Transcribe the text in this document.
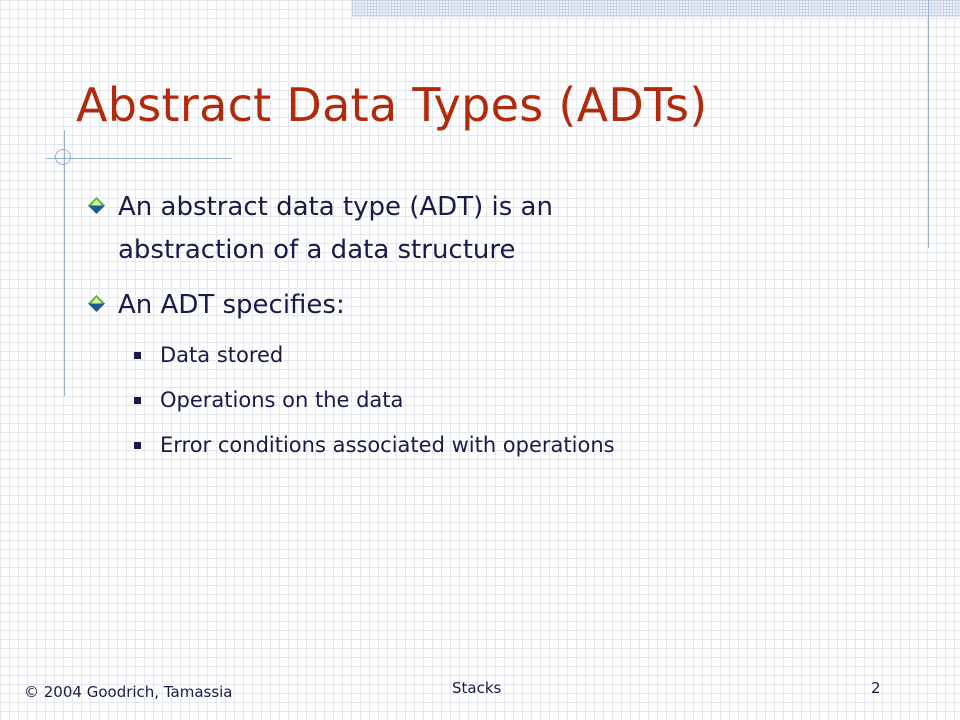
Abstract Data Types (ADTs)
An abstract data type (ADT) is an
abstraction of a data structure
An ADT specifies:
Data stored
Operations on the data
Error conditions associated with operations
© 2004 Goodrich, Tamassia	Stacks	2
